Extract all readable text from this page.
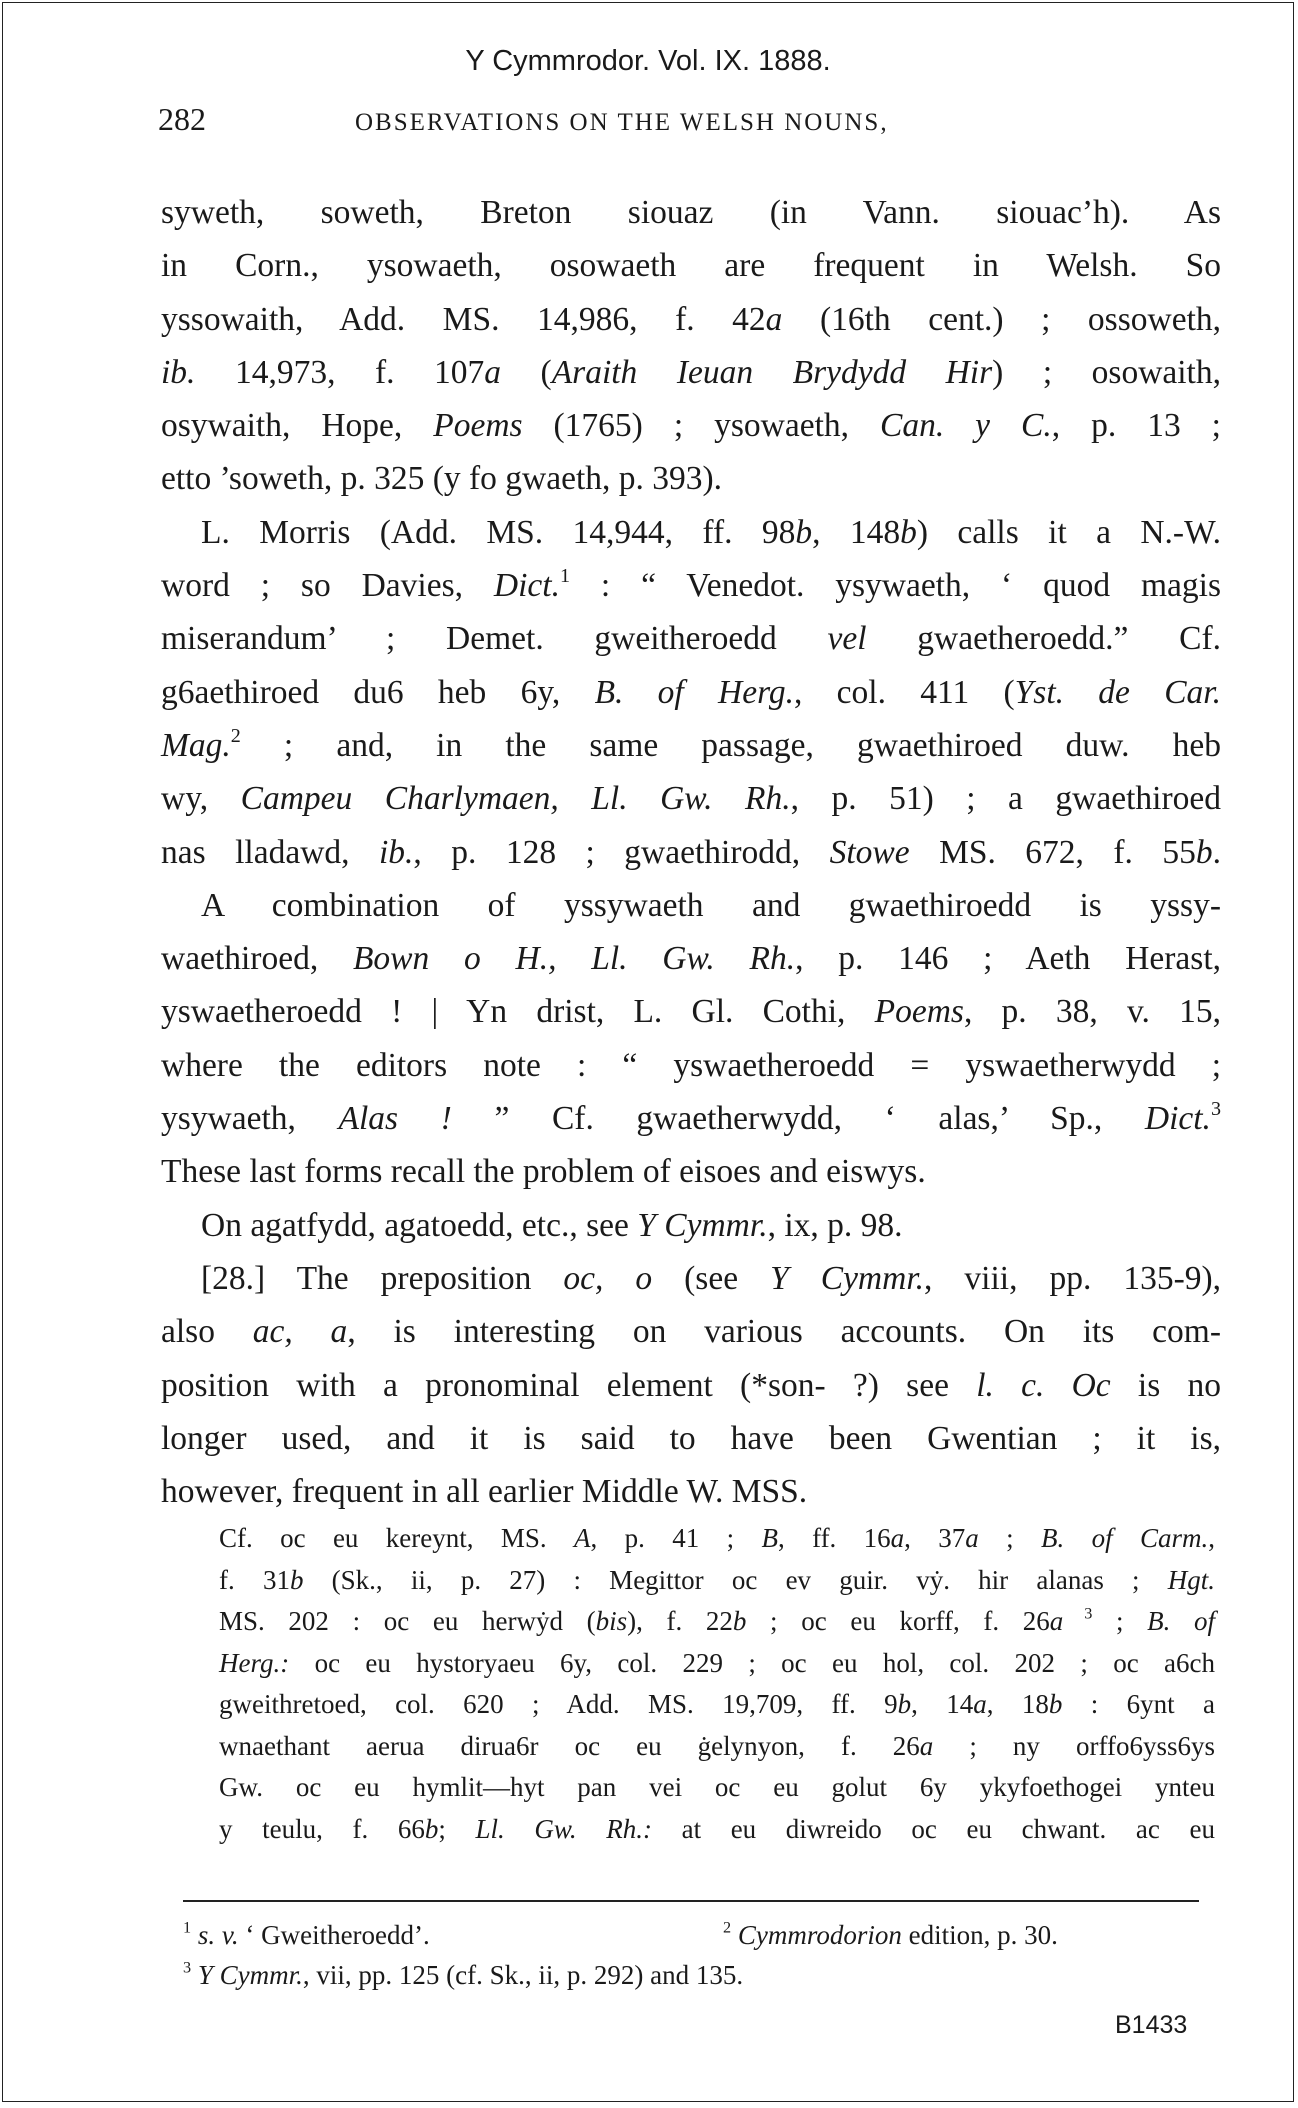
Y Cymmrodor. Vol. IX. 1888.
282	OBSERVATIONS ON THE WELSH NOUNS,
syweth, soweth, Breton siouaz (in Vann. siouac’h). As
in Corn., ysowaeth, osowaeth are frequent in Welsh. So
yssowaith, Add. MS. 14,986, f. 42a (16th cent.) ; ossoweth,
ib. 14,973, f. 107a (Araith Ieuan Brydydd Hir) ; osowaith,
osywaith, Hope, Poems (1765) ; ysowaeth, Can. y C., p. 13 ;
etto ’soweth, p. 325 (y fo gwaeth, p. 393).
L. Morris (Add. MS. 14,944, ff. 98b, 148b) calls it a N.-W.
word ; so Davies, Dict.$^1$ : “ Venedot. ysywaeth, ‘ quod magis
miserandum’ ; Demet. gweitheroedd vel gwaetheroedd.” Cf.
g6aethiroed du6 heb 6y, B. of Herg., col. 411 (Yst. de Car.
Mag.$^2$ ; and, in the same passage, gwaethiroed duw. heb
wy, Campeu Charlymaen, Ll. Gw. Rh., p. 51) ; a gwaethiroed
nas lladawd, ib., p. 128 ; gwaethirodd, Stowe MS. 672, f. 55b.
A combination of yssywaeth and gwaethiroedd is yssy-
waethiroed, Bown o H., Ll. Gw. Rh., p. 146 ; Aeth Herast,
yswaetheroedd ! | Yn drist, L. Gl. Cothi, Poems, p. 38, v. 15,
where the editors note : “ yswaetheroedd = yswaetherwydd ;
ysywaeth, Alas ! ” Cf. gwaetherwydd, ‘ alas,’ Sp., Dict.$^3$
These last forms recall the problem of eisoes and eiswys.
On agatfydd, agatoedd, etc., see Y Cymmr., ix, p. 98.
[28.] The preposition oc, o (see Y Cymmr., viii, pp. 135-9),
also ac, a, is interesting on various accounts. On its com-
position with a pronominal element (*son- ?) see l. c. Oc is no
longer used, and it is said to have been Gwentian ; it is,
however, frequent in all earlier Middle W. MSS.
Cf. oc eu kereynt, MS. A, p. 41 ; B, ff. 16a, 37a ; B. of Carm.,
f. 31b (Sk., ii, p. 27) : Megittor oc ev guir. vẏ. hir alanas ; Hgt.
MS. 202 : oc eu herwẏd (bis), f. 22b ; oc eu korff, f. 26a $^3$ ; B. of
Herg.: oc eu hystoryaeu 6y, col. 229 ; oc eu hol, col. 202 ; oc a6ch
gweithretoed, col. 620 ; Add. MS. 19,709, ff. 9b, 14a, 18b : 6ynt a
wnaethant aerua dirua6r oc eu ġelynyon, f. 26a ; ny orffo6yss6ys
Gw. oc eu hymlit—hyt pan vei oc eu golut 6y ykyfoethogei ynteu
y teulu, f. 66b; Ll. Gw. Rh.: at eu diwreido oc eu chwant. ac eu
$^1$ s. v. ‘ Gweitheroedd’.	$^2$ Cymmrodorion edition, p. 30.
$^3$ Y Cymmr., vii, pp. 125 (cf. Sk., ii, p. 292) and 135.
B1433
